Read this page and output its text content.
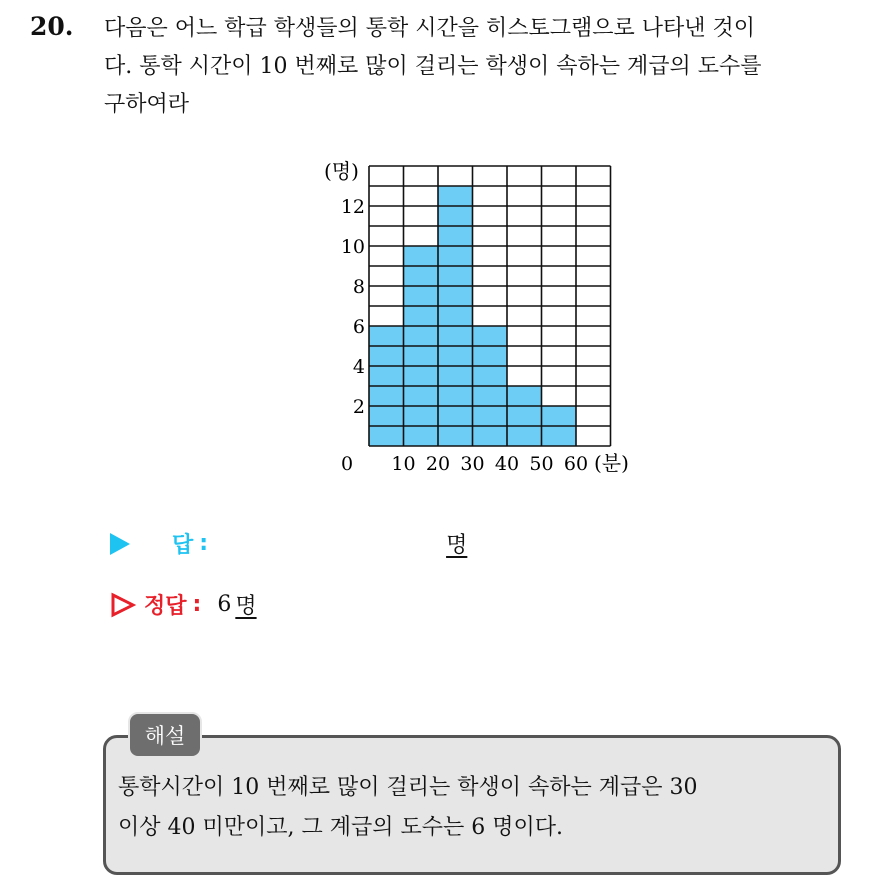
20. 다음은 어느 학급 학생들의 통학 시간을 히스토그램으로 나타낸 것이
다. 통학 시간이 10 번째로 많이 걸리는 학생이 속하는 계급의 도수를
구하여라
2
4
6
8
10
12
0 10 20 30 40 50 60
(명)
(분)
답 :	명
정답 : 6 명
해설
통학시간이 10 번째로 많이 걸리는 학생이 속하는 계급은 30
이상 40 미만이고, 그 계급의 도수는 6 명이다.
